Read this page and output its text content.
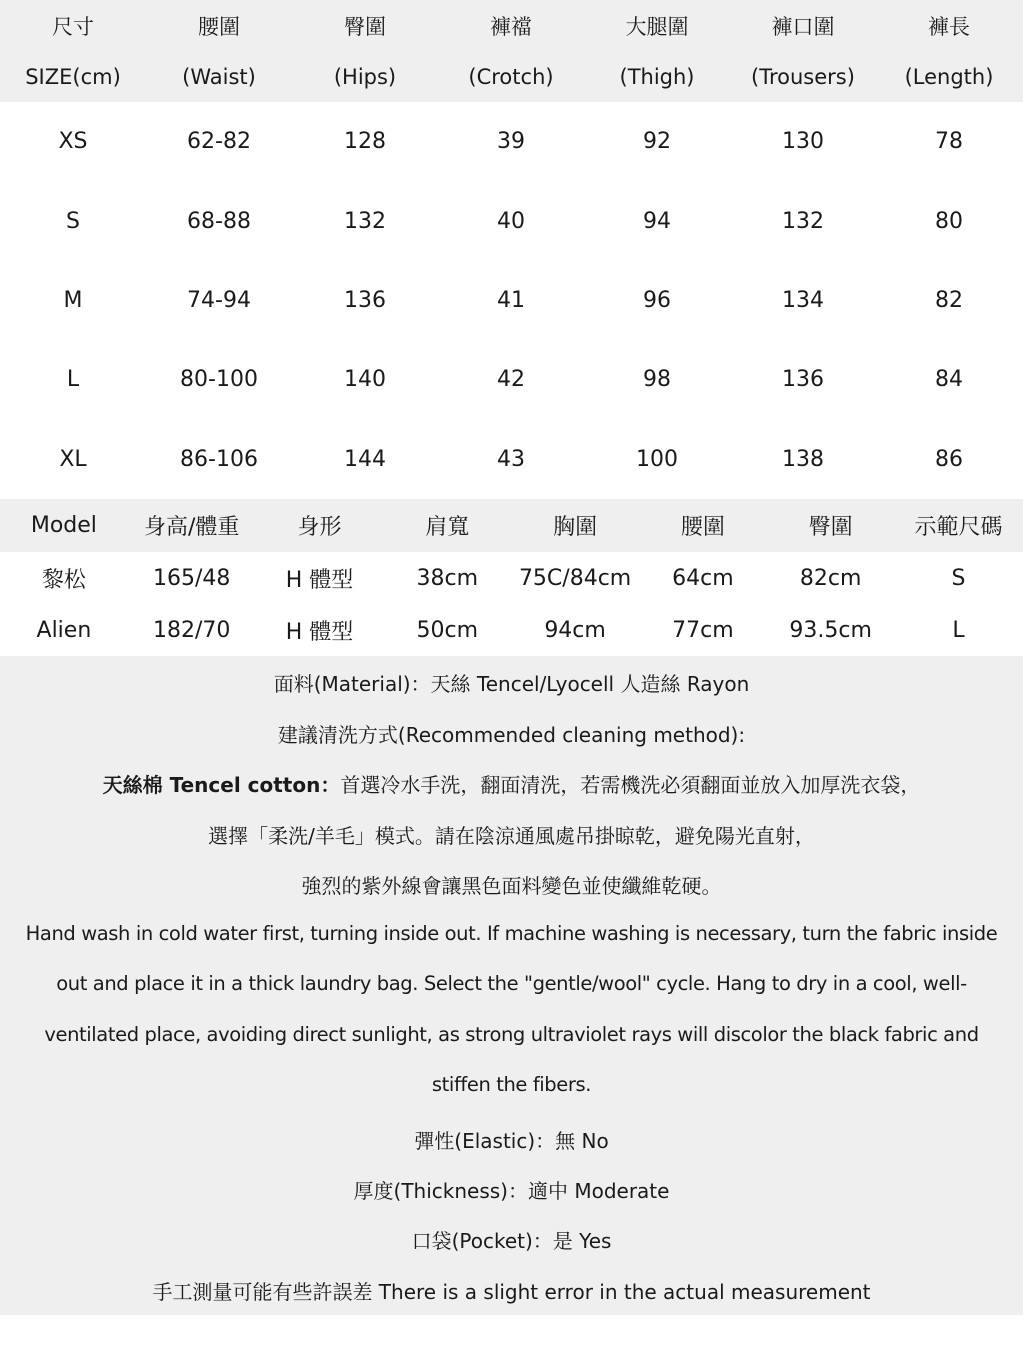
尺寸	腰圍	臀圍	褲襠	大腿圍	褲口圍	褲長
SIZE(cm)	(Waist)	(Hips)	(Crotch)	(Thigh)	(Trousers)	(Length)
XS	62-82	128	39	92	130	78
S	68-88	132	40	94	132	80
M	74-94	136	41	96	134	82
L	80-100	140	42	98	136	84
XL	86-106	144	43	100	138	86
Model	身高/體重	身形	肩寬	胸圍	腰圍	臀圍	示範尺碼
黎松	165/48	H 體型	38cm	75C/84cm	64cm	82cm	S
Alien	182/70	H 體型	50cm	94cm	77cm	93.5cm	L
面料(Material)：天絲 Tencel/Lyocell 人造絲 Rayon
建議清洗方式(Recommended cleaning method):
天絲棉 Tencel cotton：首選冷水手洗，翻面清洗，若需機洗必須翻面並放入加厚洗衣袋，
選擇「柔洗/羊毛」模式。請在陰涼通風處吊掛晾乾，避免陽光直射，
強烈的紫外線會讓黑色面料變色並使纖維乾硬。
Hand wash in cold water first, turning inside out. If machine washing is necessary, turn the fabric inside
out and place it in a thick laundry bag. Select the "gentle/wool" cycle. Hang to dry in a cool, well-
ventilated place, avoiding direct sunlight, as strong ultraviolet rays will discolor the black fabric and
stiffen the fibers.
彈性(Elastic)：無 No
厚度(Thickness)：適中 Moderate
口袋(Pocket)：是 Yes
手工測量可能有些許誤差 There is a slight error in the actual measurement
